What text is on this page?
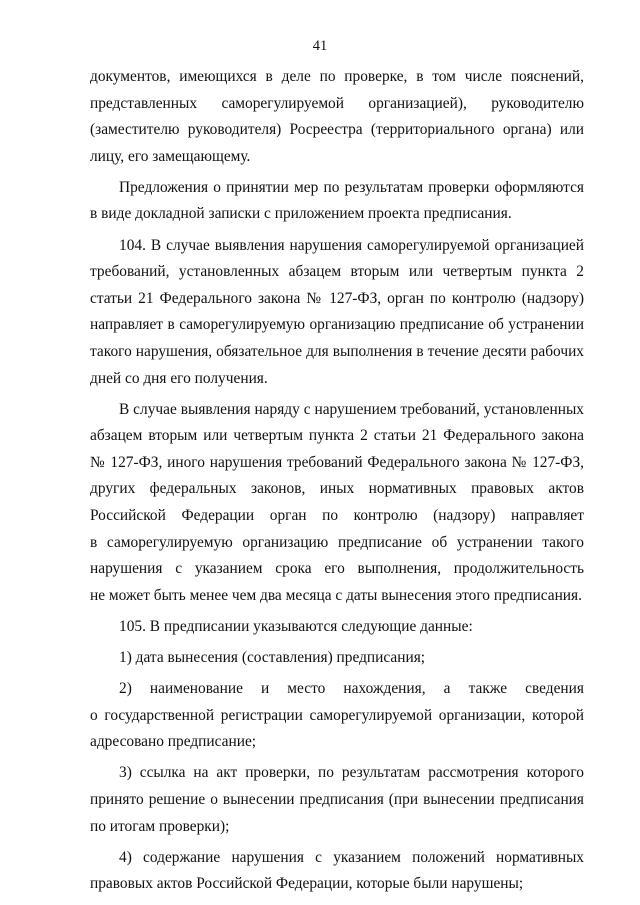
41
документов, имеющихся в деле по проверке, в том числе пояснений,
представленных саморегулируемой организацией), руководителю
(заместителю руководителя) Росреестра (территориального органа) или
лицу, его замещающему.
Предложения о принятии мер по результатам проверки оформляются
в виде докладной записки с приложением проекта предписания.
104. В случае выявления нарушения саморегулируемой организацией
требований, установленных абзацем вторым или четвертым пункта 2
статьи 21 Федерального закона № 127-ФЗ, орган по контролю (надзору)
направляет в саморегулируемую организацию предписание об устранении
такого нарушения, обязательное для выполнения в течение десяти рабочих
дней со дня его получения.
В случае выявления наряду с нарушением требований, установленных
абзацем вторым или четвертым пункта 2 статьи 21 Федерального закона
№ 127-ФЗ, иного нарушения требований Федерального закона № 127-ФЗ,
других федеральных законов, иных нормативных правовых актов
Российской Федерации орган по контролю (надзору) направляет
в саморегулируемую организацию предписание об устранении такого
нарушения с указанием срока его выполнения, продолжительность
не может быть менее чем два месяца с даты вынесения этого предписания.
105. В предписании указываются следующие данные:
1) дата вынесения (составления) предписания;
2) наименование и место нахождения, а также сведения
о государственной регистрации саморегулируемой организации, которой
адресовано предписание;
3) ссылка на акт проверки, по результатам рассмотрения которого
принято решение о вынесении предписания (при вынесении предписания
по итогам проверки);
4) содержание нарушения с указанием положений нормативных
правовых актов Российской Федерации, которые были нарушены;
